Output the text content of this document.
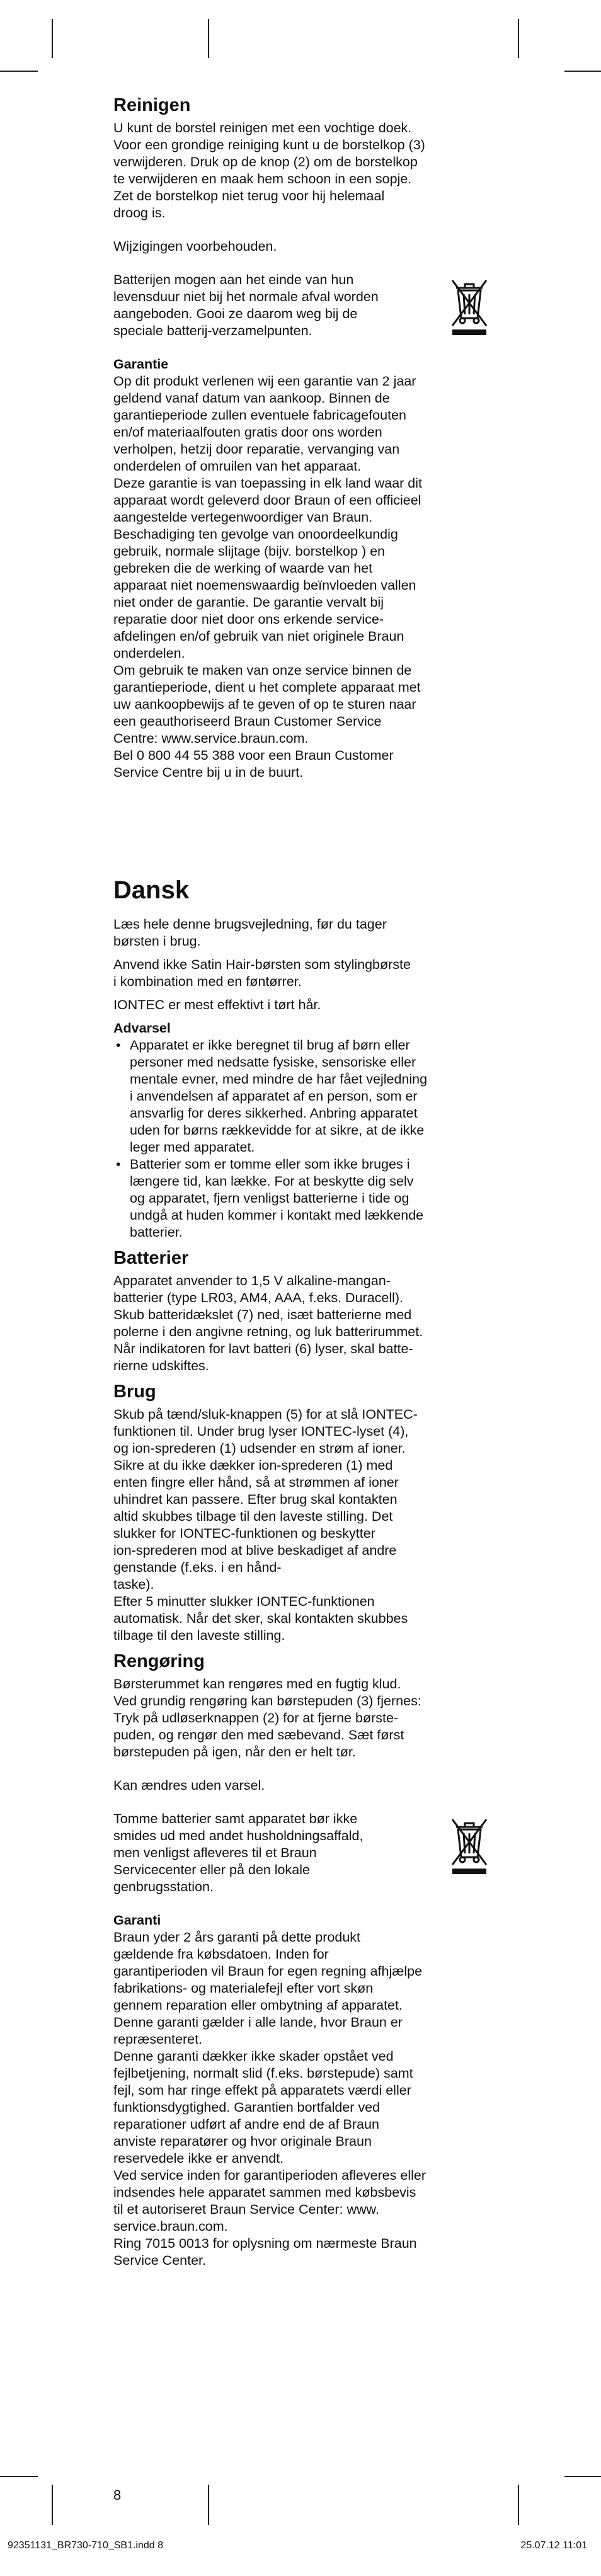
Reinigen
U kunt de borstel reinigen met een vochtige doek.
Voor een grondige reiniging kunt u de borstelkop (3)
verwijderen. Druk op de knop (2) om de borstelkop
te verwijderen en maak hem schoon in een sopje.
Zet de borstelkop niet terug voor hij helemaal
droog is.
Wijzigingen voorbehouden.
Batterijen mogen aan het einde van hun
levensduur niet bij het normale afval worden
aangeboden. Gooi ze daarom weg bij de
speciale batterij-verzamelpunten.
Garantie
Op dit produkt verlenen wij een garantie van 2 jaar
geldend vanaf datum van aankoop. Binnen de
garantieperiode zullen eventuele fabricagefouten
en/of materiaalfouten gratis door ons worden
verholpen, hetzij door reparatie, vervanging van
onderdelen of omruilen van het apparaat.
Deze garantie is van toepassing in elk land waar dit
apparaat wordt geleverd door Braun of een officieel
aangestelde vertegenwoordiger van Braun.
Beschadiging ten gevolge van onoordeelkundig
gebruik, normale slijtage (bijv. borstelkop ) en
gebreken die de werking of waarde van het
apparaat niet noemenswaardig beïnvloeden vallen
niet onder de garantie. De garantie vervalt bij
reparatie door niet door ons erkende service-
afdelingen en/of gebruik van niet originele Braun
onderdelen.
Om gebruik te maken van onze service binnen de
garantieperiode, dient u het complete apparaat met
uw aankoopbewijs af te geven of op te sturen naar
een geauthoriseerd Braun Customer Service
Centre: www.service.braun.com.
Bel 0 800 44 55 388 voor een Braun Customer
Service Centre bij u in de buurt.
Dansk
Læs hele denne brugsvejledning, før du tager
børsten i brug.
Anvend ikke Satin Hair-børsten som stylingbørste
i kombination med en føntørrer.
IONTEC er mest effektivt i tørt hår.
Advarsel
• Apparatet er ikke beregnet til brug af børn eller
personer med nedsatte fysiske, sensoriske eller
mentale evner, med mindre de har fået vejledning
i anvendelsen af apparatet af en person, som er
ansvarlig for deres sikkerhed. Anbring apparatet
uden for børns rækkevidde for at sikre, at de ikke
leger med apparatet.
• Batterier som er tomme eller som ikke bruges i
længere tid, kan lække. For at beskytte dig selv
og apparatet, fjern venligst batterierne i tide og
undgå at huden kommer i kontakt med lækkende
batterier.
Batterier
Apparatet anvender to 1,5 V alkaline-mangan-
batterier (type LR03, AM4, AAA, f.eks. Duracell).
Skub batteridækslet (7) ned, isæt batterierne med
polerne i den angivne retning, og luk batterirummet.
Når indikatoren for lavt batteri (6) lyser, skal batte-
rierne udskiftes.
Brug
Skub på tænd/sluk-knappen (5) for at slå IONTEC-
funktionen til. Under brug lyser IONTEC-lyset (4),
og ion-sprederen (1) udsender en strøm af ioner.
Sikre at du ikke dækker ion-sprederen (1) med
enten fingre eller hånd, så at strømmen af ioner
uhindret kan passere. Efter brug skal kontakten
altid skubbes tilbage til den laveste stilling. Det
slukker for IONTEC-funktionen og beskytter
ion-sprederen mod at blive beskadiget af andre
genstande (f.eks. i en hånd-
taske).
Efter 5 minutter slukker IONTEC-funktionen
automatisk. Når det sker, skal kontakten skubbes
tilbage til den laveste stilling.
Rengøring
Børsterummet kan rengøres med en fugtig klud.
Ved grundig rengøring kan børstepuden (3) fjernes:
Tryk på udløserknappen (2) for at fjerne børste-
puden, og rengør den med sæbevand. Sæt først
børstepuden på igen, når den er helt tør.
Kan ændres uden varsel.
Tomme batterier samt apparatet bør ikke
smides ud med andet husholdningsaffald,
men venligst afleveres til et Braun
Servicecenter eller på den lokale
genbrugsstation.
Garanti
Braun yder 2 års garanti på dette produkt
gældende fra købsdatoen. Inden for
garantiperioden vil Braun for egen regning afhjælpe
fabrikations- og materialefejl efter vort skøn
gennem reparation eller ombytning af apparatet.
Denne garanti gælder i alle lande, hvor Braun er
repræsenteret.
Denne garanti dækker ikke skader opstået ved
fejlbetjening, normalt slid (f.eks. børstepude) samt
fejl, som har ringe effekt på apparatets værdi eller
funktionsdygtighed. Garantien bortfalder ved
reparationer udført af andre end de af Braun
anviste reparatører og hvor originale Braun
reservedele ikke er anvendt.
Ved service inden for garantiperioden afleveres eller
indsendes hele apparatet sammen med købsbevis
til et autoriseret Braun Service Center: www.
service.braun.com.
Ring 7015 0013 for oplysning om nærmeste Braun
Service Center.
8
92351131_BR730-710_SB1.indd 8	25.07.12 11:01
